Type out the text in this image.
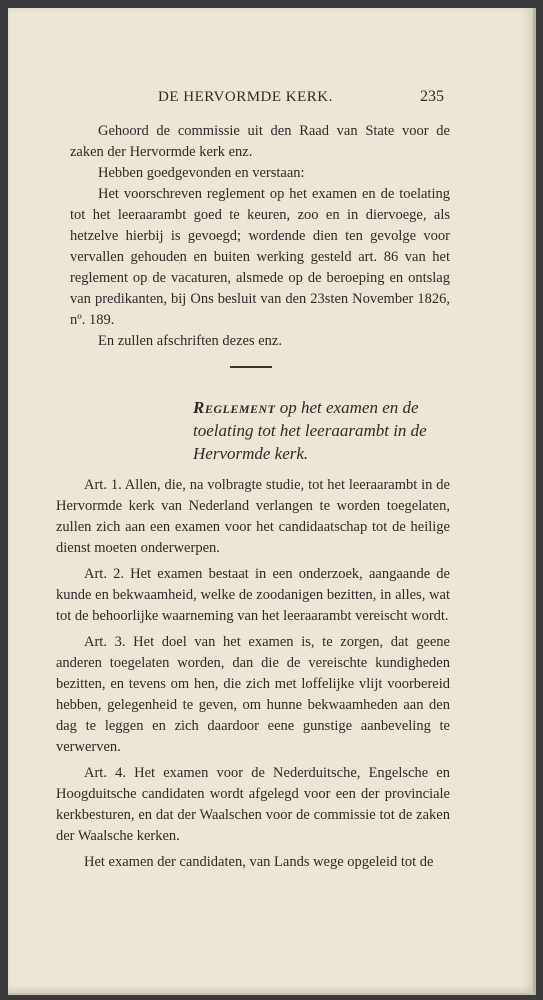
DE HERVORMDE KERK.	235

Gehoord de commissie uit den Raad van State voor de zaken der Hervormde kerk enz.

Hebben goedgevonden en verstaan:

Het voorschreven reglement op het examen en de toelating tot het leeraarambt goed te keuren, zoo en in diervoege, als hetzelve hierbij is gevoegd; wordende dien ten gevolge voor vervallen gehouden en buiten werking gesteld art. 86 van het reglement op de vacaturen, alsmede op de beroeping en ontslag van predikanten, bij Ons besluit van den 23sten November 1826, nº. 189.

En zullen afschriften dezes enz.

Reglement op het examen en de toelating tot het leeraarambt in de Hervormde kerk.

Art. 1. Allen, die, na volbragte studie, tot het leeraarambt in de Hervormde kerk van Nederland verlangen te worden toegelaten, zullen zich aan een examen voor het candidaatschap tot de heilige dienst moeten onderwerpen.

Art. 2. Het examen bestaat in een onderzoek, aangaande de kunde en bekwaamheid, welke de zoodanigen bezitten, in alles, wat tot de behoorlijke waarneming van het leeraarambt vereischt wordt.

Art. 3. Het doel van het examen is, te zorgen, dat geene anderen toegelaten worden, dan die de vereischte kundigheden bezitten, en tevens om hen, die zich met loffelijke vlijt voorbereid hebben, gelegenheid te geven, om hunne bekwaamheden aan den dag te leggen en zich daardoor eene gunstige aanbeveling te verwerven.

Art. 4. Het examen voor de Nederduitsche, Engelsche en Hoogduitsche candidaten wordt afgelegd voor een der provinciale kerkbesturen, en dat der Waalschen voor de commissie tot de zaken der Waalsche kerken.

Het examen der candidaten, van Lands wege opgeleid tot de
